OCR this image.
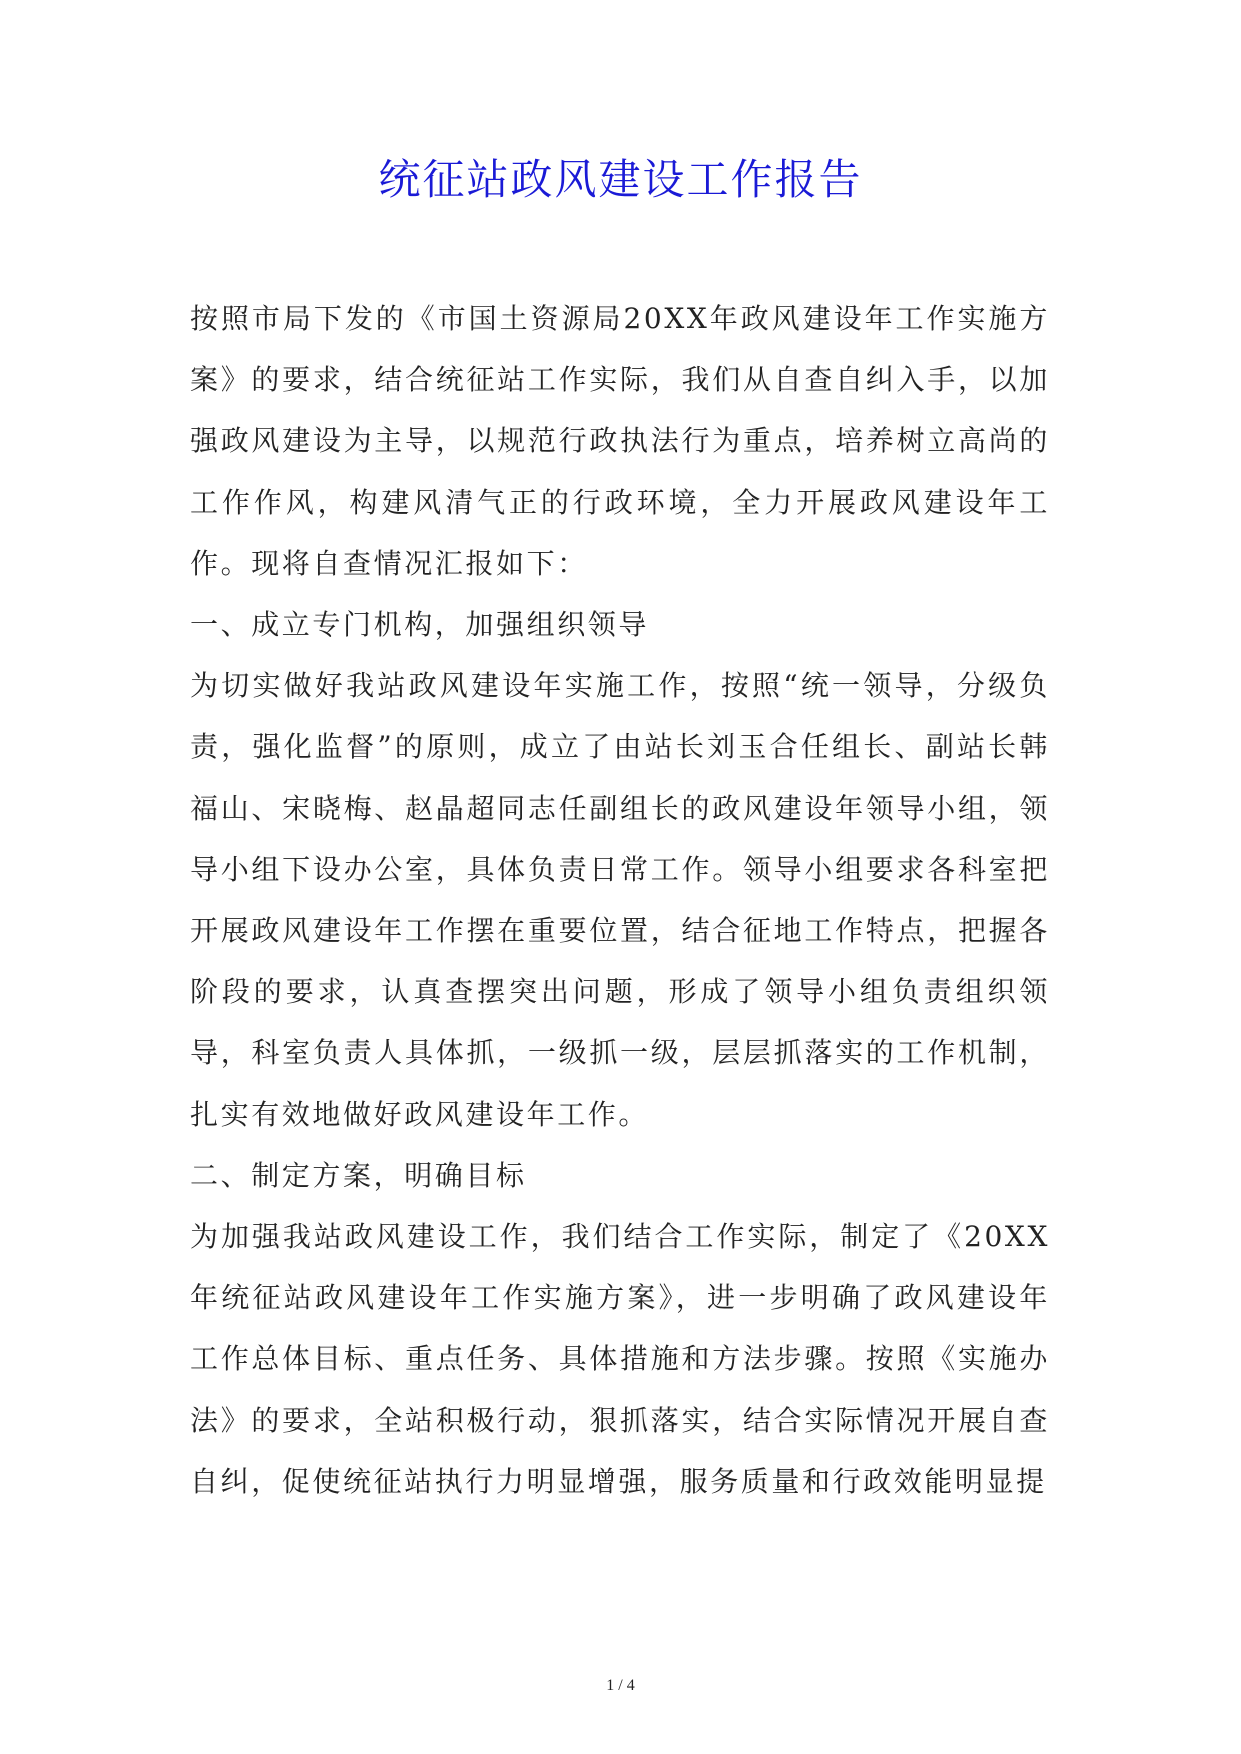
统征站政风建设工作报告

按照市局下发的《市国土资源局20XX年政风建设年工作实施方案》的要求，结合统征站工作实际，我们从自查自纠入手，以加强政风建设为主导，以规范行政执法行为重点，培养树立高尚的工作作风，构建风清气正的行政环境，全力开展政风建设年工作。现将自查情况汇报如下：

一、成立专门机构，加强组织领导

为切实做好我站政风建设年实施工作，按照“统一领导，分级负责，强化监督”的原则，成立了由站长刘玉合任组长、副站长韩福山、宋晓梅、赵晶超同志任副组长的政风建设年领导小组，领导小组下设办公室，具体负责日常工作。领导小组要求各科室把开展政风建设年工作摆在重要位置，结合征地工作特点，把握各阶段的要求，认真查摆突出问题，形成了领导小组负责组织领导，科室负责人具体抓，一级抓一级，层层抓落实的工作机制，扎实有效地做好政风建设年工作。

二、制定方案，明确目标

为加强我站政风建设工作，我们结合工作实际，制定了《20XX年统征站政风建设年工作实施方案》，进一步明确了政风建设年工作总体目标、重点任务、具体措施和方法步骤。按照《实施办法》的要求，全站积极行动，狠抓落实，结合实际情况开展自查自纠，促使统征站执行力明显增强，服务质量和行政效能明显提

1 / 4
